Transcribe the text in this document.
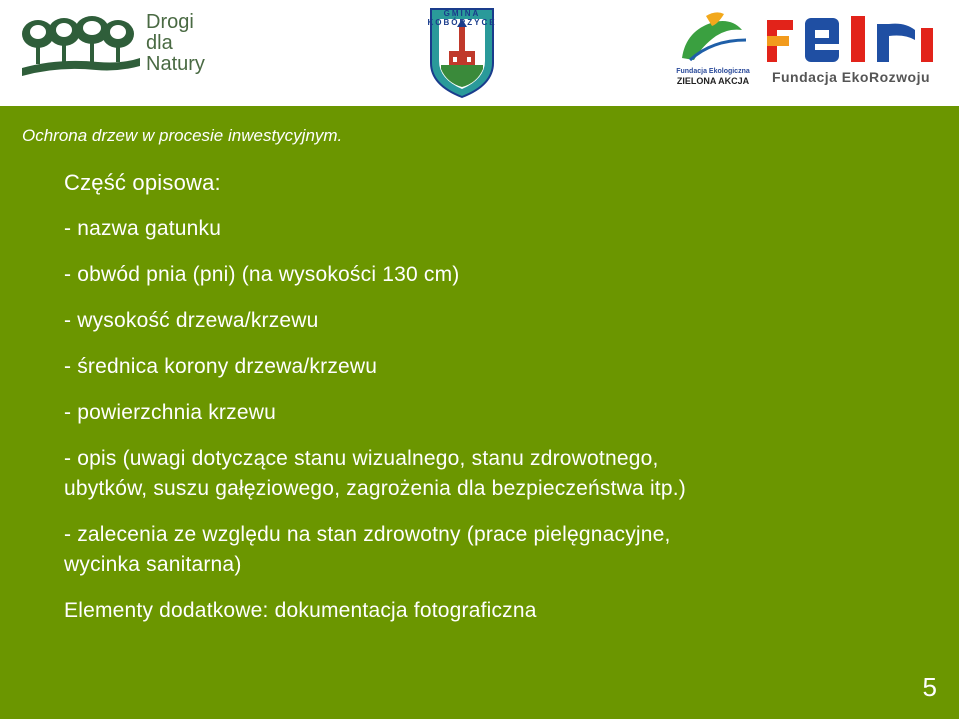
Drogi
dla
Natury
GMINA KOBÓRZYCE
Fundacja Ekologiczna
ZIELONA AKCJA	Fundacja EkoRozwoju
Ochrona drzew w procesie inwestycyjnym.

Część opisowa:

- nazwa gatunku

- obwód pnia (pni) (na wysokości 130 cm)

- wysokość drzewa/krzewu

- średnica korony drzewa/krzewu

- powierzchnia krzewu

- opis (uwagi dotyczące stanu wizualnego, stanu zdrowotnego,

ubytków, suszu gałęziowego, zagrożenia dla bezpieczeństwa itp.)

- zalecenia ze względu na stan zdrowotny (prace pielęgnacyjne,

wycinka sanitarna)

Elementy dodatkowe: dokumentacja fotograficzna

5
